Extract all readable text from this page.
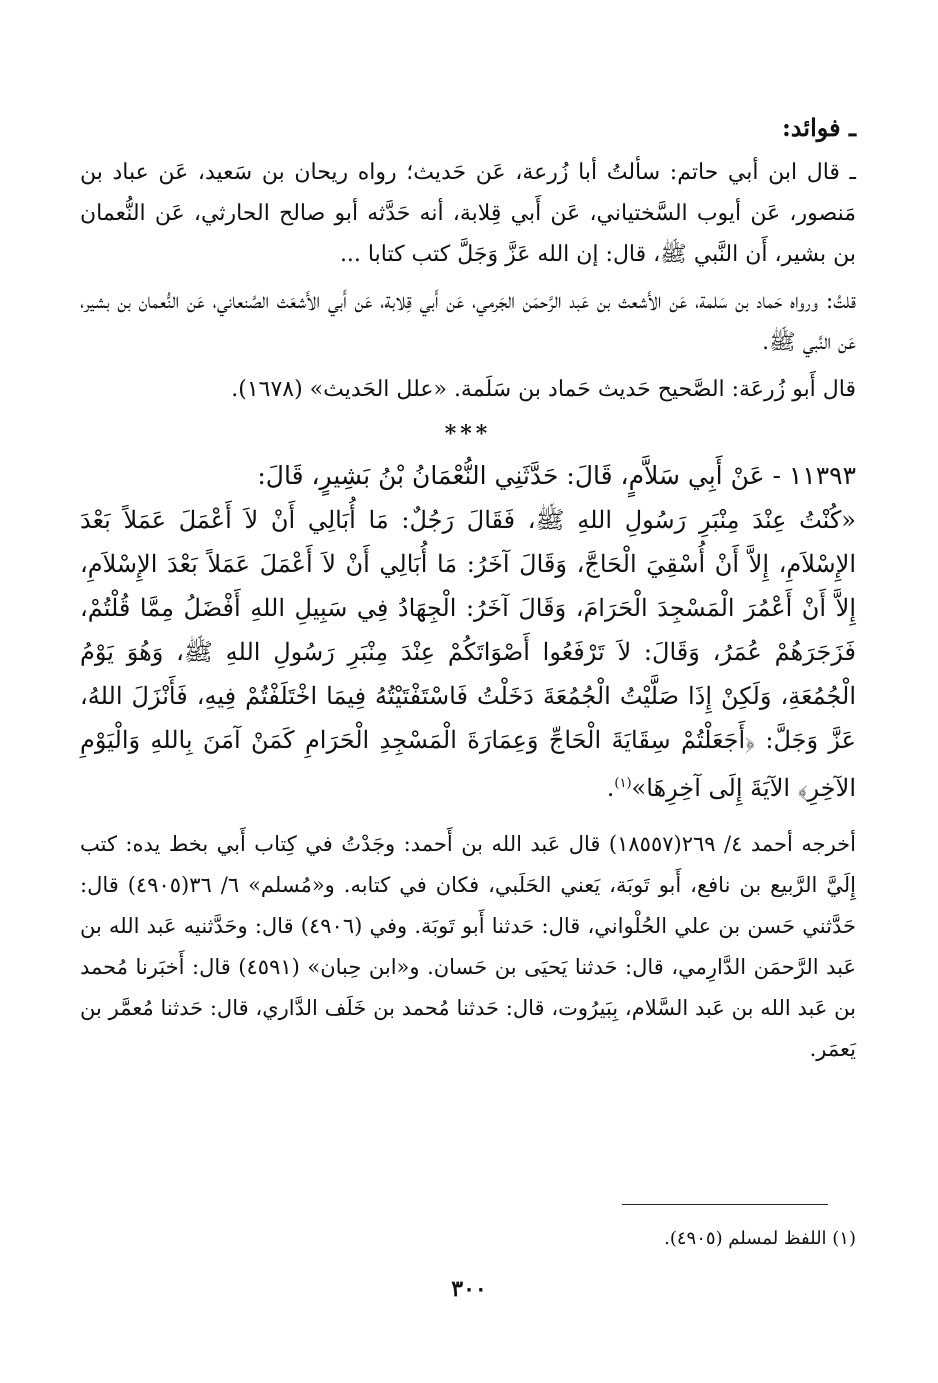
ـ فوائد:

ـ قال ابن أبي حاتم: سألتُ أبا زُرعة، عَن حَديث؛ رواه ريحان بن سَعيد، عَن عباد بن مَنصور، عَن أيوب السَّختياني، عَن أَبي قِلابة، أنه حَدَّثه أبو صالح الحارثي، عَن النُّعمان بن بشير، أَن النَّبي ﷺ، قال: إن الله عَزَّ وَجَلَّ كتب كتابا ...

قلتُ: ورواه حَماد بن سَلمة، عَن الأَشعث بن عَبد الرَّحمَن الجَرمي، عَن أَبي قِلابة، عَن أَبي الأَشعَث الصَّنعاني، عَن النُّعمان بن بشير، عَن النَّبي ﷺ.

قال أَبو زُرعَة: الصَّحيح حَديث حَماد بن سَلَمة. «علل الحَديث» (١٦٧٨).

***

١١٣٩٣ - عَنْ أَبِي سَلاَّمٍ، قَالَ: حَدَّثَنِي النُّعْمَانُ بْنُ بَشِيرٍ، قَالَ:

«كُنْتُ عِنْدَ مِنْبَرِ رَسُولِ اللهِ ﷺ، فَقَالَ رَجُلٌ: مَا أُبَالِي أَنْ لاَ أَعْمَلَ عَمَلاً بَعْدَ الإِسْلاَمِ، إِلاَّ أَنْ أُسْقِيَ الْحَاجَّ، وَقَالَ آخَرُ: مَا أُبَالِي أَنْ لاَ أَعْمَلَ عَمَلاً بَعْدَ الإِسْلاَمِ، إِلاَّ أَنْ أَعْمُرَ الْمَسْجِدَ الْحَرَامَ، وَقَالَ آخَرُ: الْجِهَادُ فِي سَبِيلِ اللهِ أَفْضَلُ مِمَّا قُلْتُمْ، فَزَجَرَهُمْ عُمَرُ، وَقَالَ: لاَ تَرْفَعُوا أَصْوَاتَكُمْ عِنْدَ مِنْبَرِ رَسُولِ اللهِ ﷺ، وَهُوَ يَوْمُ الْجُمُعَةِ، وَلَكِنْ إِذَا صَلَّيْتُ الْجُمُعَةَ دَخَلْتُ فَاسْتَفْتَيْتُهُ فِيمَا اخْتَلَفْتُمْ فِيهِ، فَأَنْزَلَ اللهُ، عَزَّ وَجَلَّ: ﴿أَجَعَلْتُمْ سِقَايَةَ الْحَاجِّ وَعِمَارَةَ الْمَسْجِدِ الْحَرَامِ كَمَنْ آمَنَ بِاللهِ وَالْيَوْمِ الآخِرِ﴾ الآيَةَ إِلَى آخِرِهَا»$^{(١)}$.

أخرجه أحمد ٤/ ٢٦٩(١٨٥٥٧) قال عَبد الله بن أَحمد: وجَدْتُ في كِتاب أَبي بخط يده: كتب إِلَيَّ الرَّبيع بن نافع، أَبو تَوبَة، يَعني الحَلَبي، فكان في كتابه. و«مُسلم» ٦/ ٣٦(٤٩٠٥) قال: حَدَّثني حَسن بن علي الحُلْواني، قال: حَدثنا أَبو تَوبَة. وفي (٤٩٠٦) قال: وحَدَّثنيه عَبد الله بن عَبد الرَّحمَن الدَّارِمي، قال: حَدثنا يَحيَى بن حَسان. و«ابن حِبان» (٤٥٩١) قال: أَخبَرنا مُحمد بن عَبد الله بن عَبد السَّلام، بِبَيرُوت، قال: حَدثنا مُحمد بن خَلَف الدَّاري، قال: حَدثنا مُعمَّر بن يَعمَر.

(١) اللفظ لمسلم (٤٩٠٥).
٣٠٠
